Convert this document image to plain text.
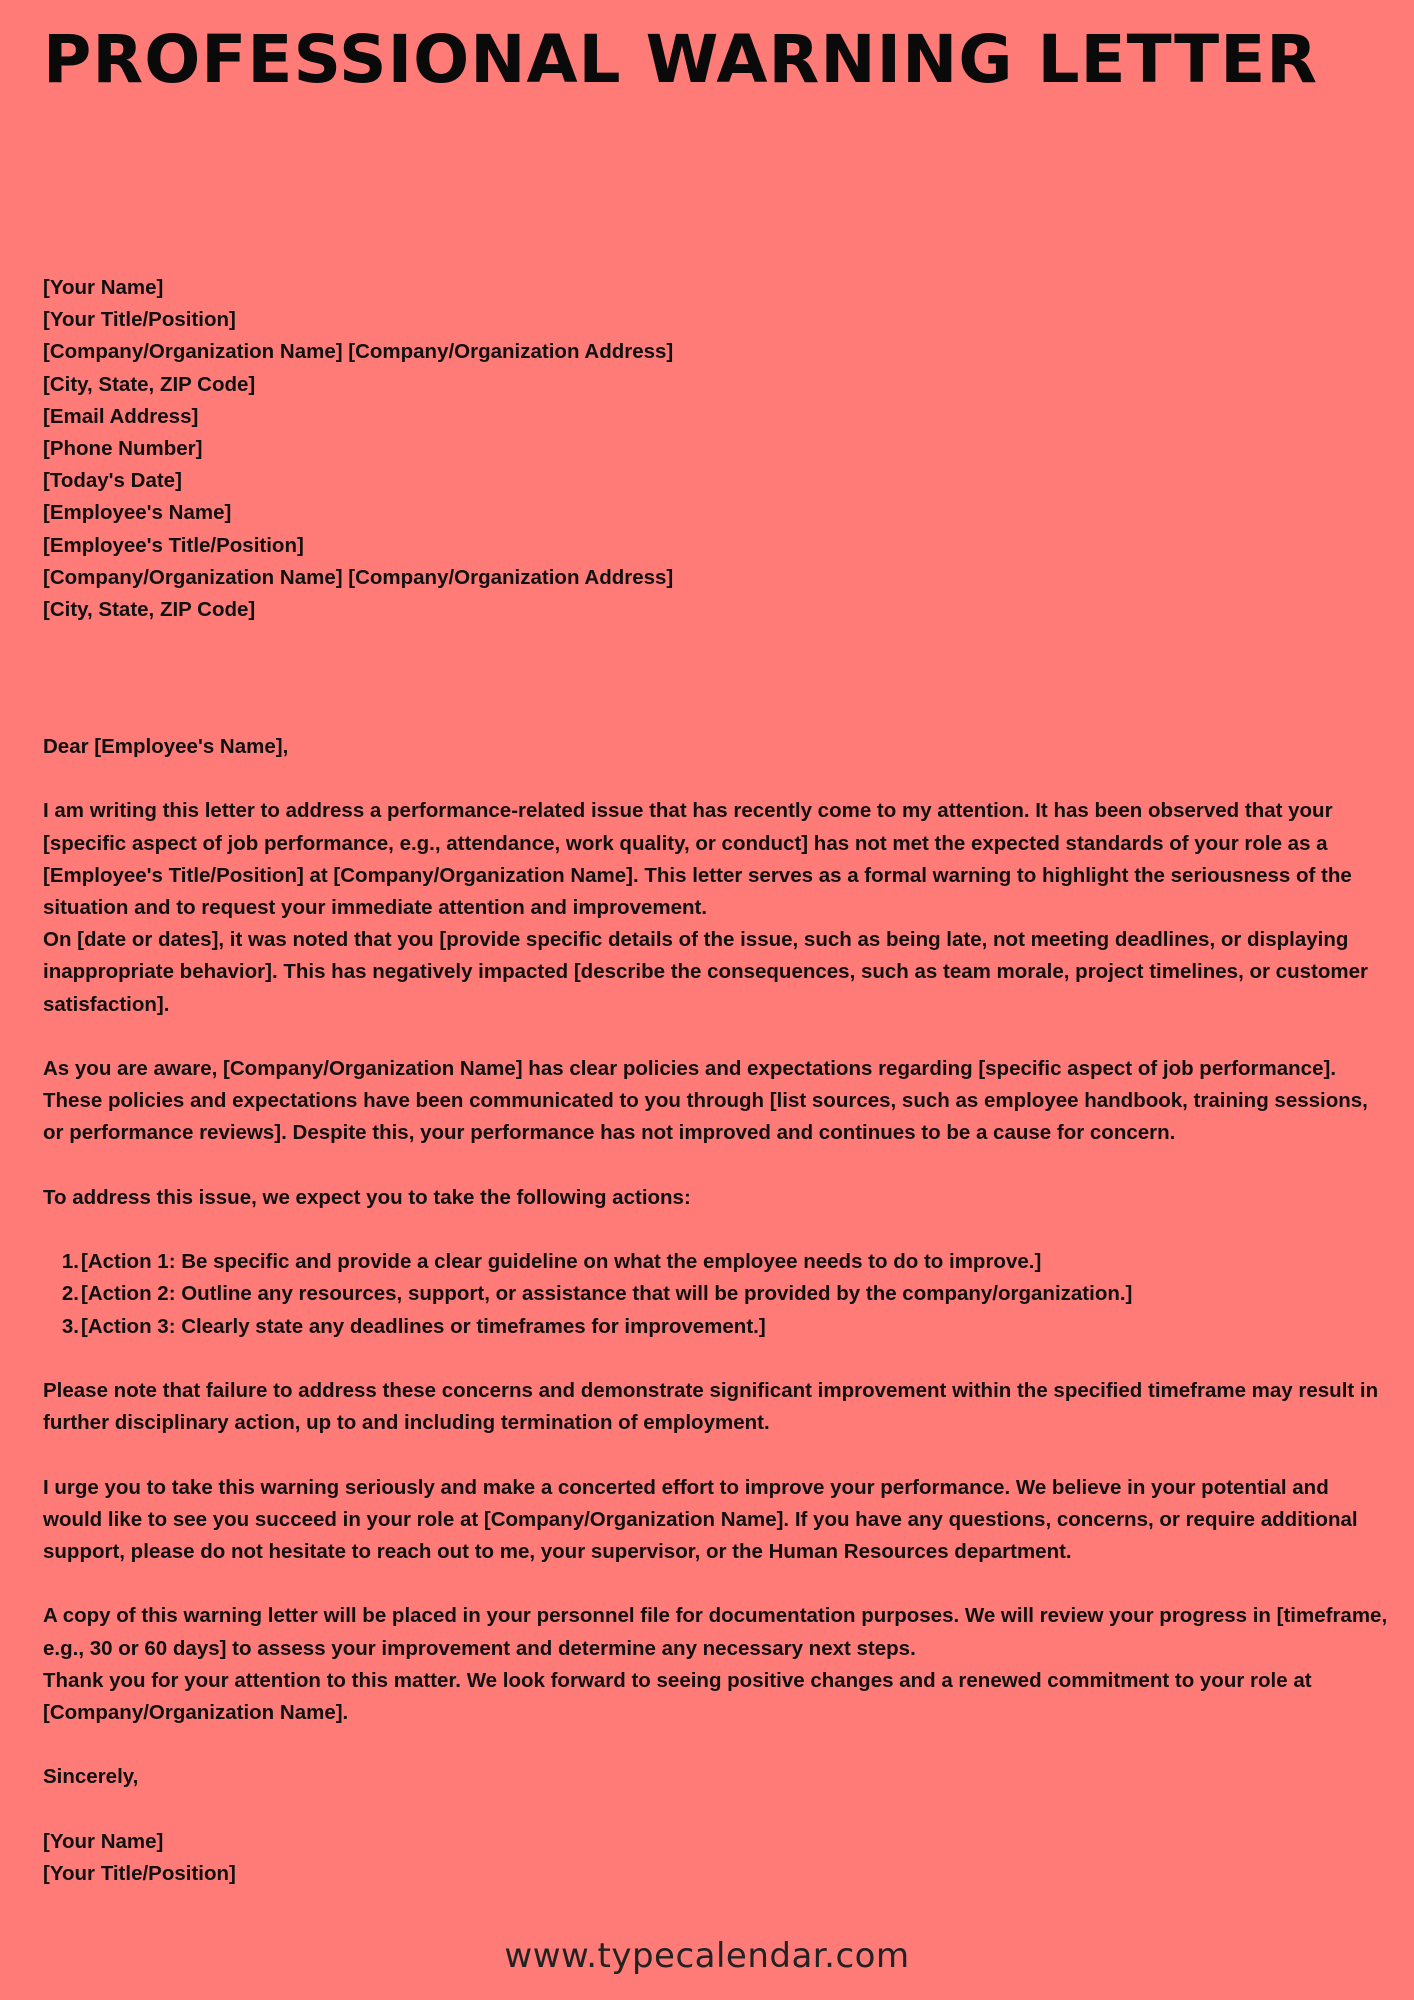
PROFESSIONAL WARNING LETTER
[Your Name]
[Your Title/Position]
[Company/Organization Name] [Company/Organization Address]
[City, State, ZIP Code]
[Email Address]
[Phone Number]
[Today's Date]
[Employee's Name]
[Employee's Title/Position]
[Company/Organization Name] [Company/Organization Address]
[City, State, ZIP Code]
Dear [Employee's Name],
I am writing this letter to address a performance-related issue that has recently come to my attention. It has been observed that your [specific aspect of job performance, e.g., attendance, work quality, or conduct] has not met the expected standards of your role as a [Employee's Title/Position] at [Company/Organization Name]. This letter serves as a formal warning to highlight the seriousness of the situation and to request your immediate attention and improvement.
On [date or dates], it was noted that you [provide specific details of the issue, such as being late, not meeting deadlines, or displaying inappropriate behavior]. This has negatively impacted [describe the consequences, such as team morale, project timelines, or customer satisfaction].
As you are aware, [Company/Organization Name] has clear policies and expectations regarding [specific aspect of job performance]. These policies and expectations have been communicated to you through [list sources, such as employee handbook, training sessions, or performance reviews]. Despite this, your performance has not improved and continues to be a cause for concern.
To address this issue, we expect you to take the following actions:
1.[Action 1: Be specific and provide a clear guideline on what the employee needs to do to improve.]
2.[Action 2: Outline any resources, support, or assistance that will be provided by the company/organization.]
3.[Action 3: Clearly state any deadlines or timeframes for improvement.]
Please note that failure to address these concerns and demonstrate significant improvement within the specified timeframe may result in further disciplinary action, up to and including termination of employment.
I urge you to take this warning seriously and make a concerted effort to improve your performance. We believe in your potential and would like to see you succeed in your role at [Company/Organization Name]. If you have any questions, concerns, or require additional support, please do not hesitate to reach out to me, your supervisor, or the Human Resources department.
A copy of this warning letter will be placed in your personnel file for documentation purposes. We will review your progress in [timeframe, e.g., 30 or 60 days] to assess your improvement and determine any necessary next steps.
Thank you for your attention to this matter. We look forward to seeing positive changes and a renewed commitment to your role at [Company/Organization Name].
Sincerely,
[Your Name]
[Your Title/Position]
www.typecalendar.com
